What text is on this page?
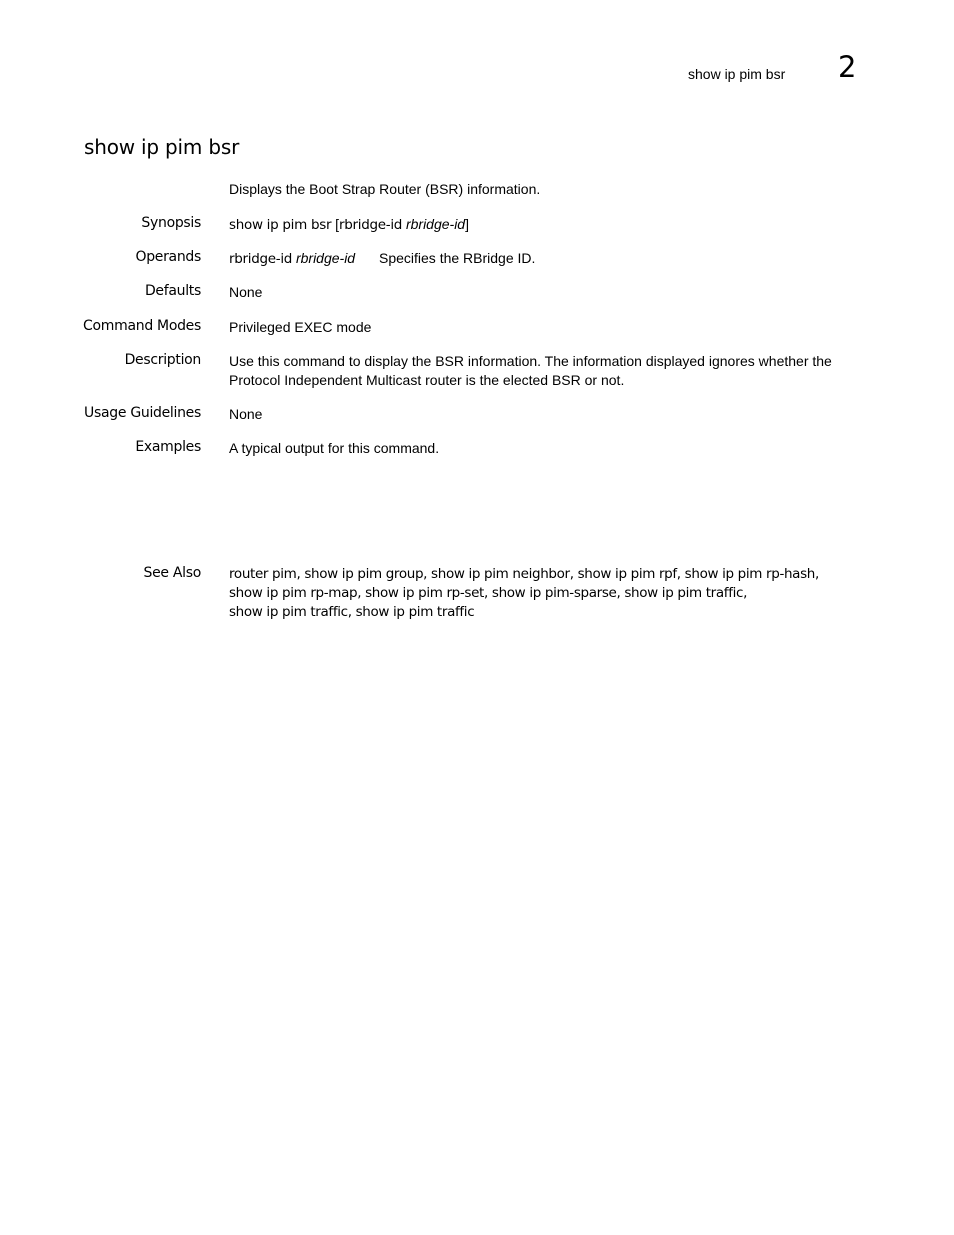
show ip pim bsr 2
show ip pim bsr
Displays the Boot Strap Router (BSR) information.
Synopsis show ip pim bsr [rbridge-id rbridge-id]
Operands rbridge-id rbridge-id Specifies the RBridge ID.
Defaults None
Command Modes Privileged EXEC mode
Description Use this command to display the BSR information. The information displayed ignores whether the
Protocol Independent Multicast router is the elected BSR or not.
Usage Guidelines None
Examples A typical output for this command.
See Also router pim, show ip pim group, show ip pim neighbor, show ip pim rpf, show ip pim rp-hash,
show ip pim rp-map, show ip pim rp-set, show ip pim-sparse, show ip pim traffic,
show ip pim traffic, show ip pim traffic
